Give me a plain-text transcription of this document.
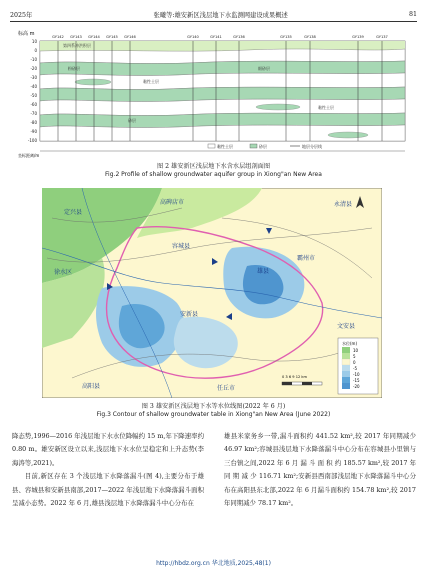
2025年	张曦等:雄安新区浅层地下水监测网建设成果概述	81
标高 m	GY142 GY143 GY144 GY145 GY146	GY140	GY141	GY136	GY135	GY138	GY139	GY137
10
0
-10
-20
-30
-40
-50
-60
-70
-80
-90
-100
第四系冲洪积层
粉砂层	细砂层
黏性土层
黏性土层
砂层
黏性土层	砂层	地层分层线
坐标距离/m
图 2 雄安新区浅层地下水含水层组剖面图
Fig.2 Profile of shallow groundwater aquifer group in Xiong"an New Area
定兴县
高碑店市
徐水区
容城县
雄县
安新县
霸州市
高阳县	任丘市
文安县
永清县
水位(m)
10
5
0
-5
-10
-15
-20
0 3 6 9 12 km
图 3 雄安新区浅层地下水等水位线图(2022 年 6 月)
Fig.3 Contour of shallow groundwater table in Xiong"an New Area (June 2022)

降态势,1996—2016 年浅层地下水水位降幅约 15 m,年下降速率约 0.80 m。雄安新区设立以来,浅层地下水水位呈稳定和上升态势(李海涛等,2021)。

目前,新区存在 3 个浅层地下水降落漏斗(图 4),主要分布于雄县、容城县和安新县南部,2017—2022 年浅层地下水降落漏斗面积呈减小态势。2022 年 6 月,雄县浅层地下水降落漏斗中心分布在

雄县米家务乡一带,漏斗面积约 441.52 km²,较 2017 年同期减少 46.97 km²;容城县浅层地下水降落漏斗中心分布在容城县小里镇与三台镇之间,2022 年 6 月 漏 斗 面 积 约 185.57 km²,较 2017 年 同 期 减 少 116.71 km²;安新县西南部浅层地下水降落漏斗中心分布在高阳县东北部,2022 年 6 月漏斗面积约 154.78 km²,较 2017 年同期减少 78.17 km²。

http://hbdz.org.cn 华北地质,2025,48(1)
